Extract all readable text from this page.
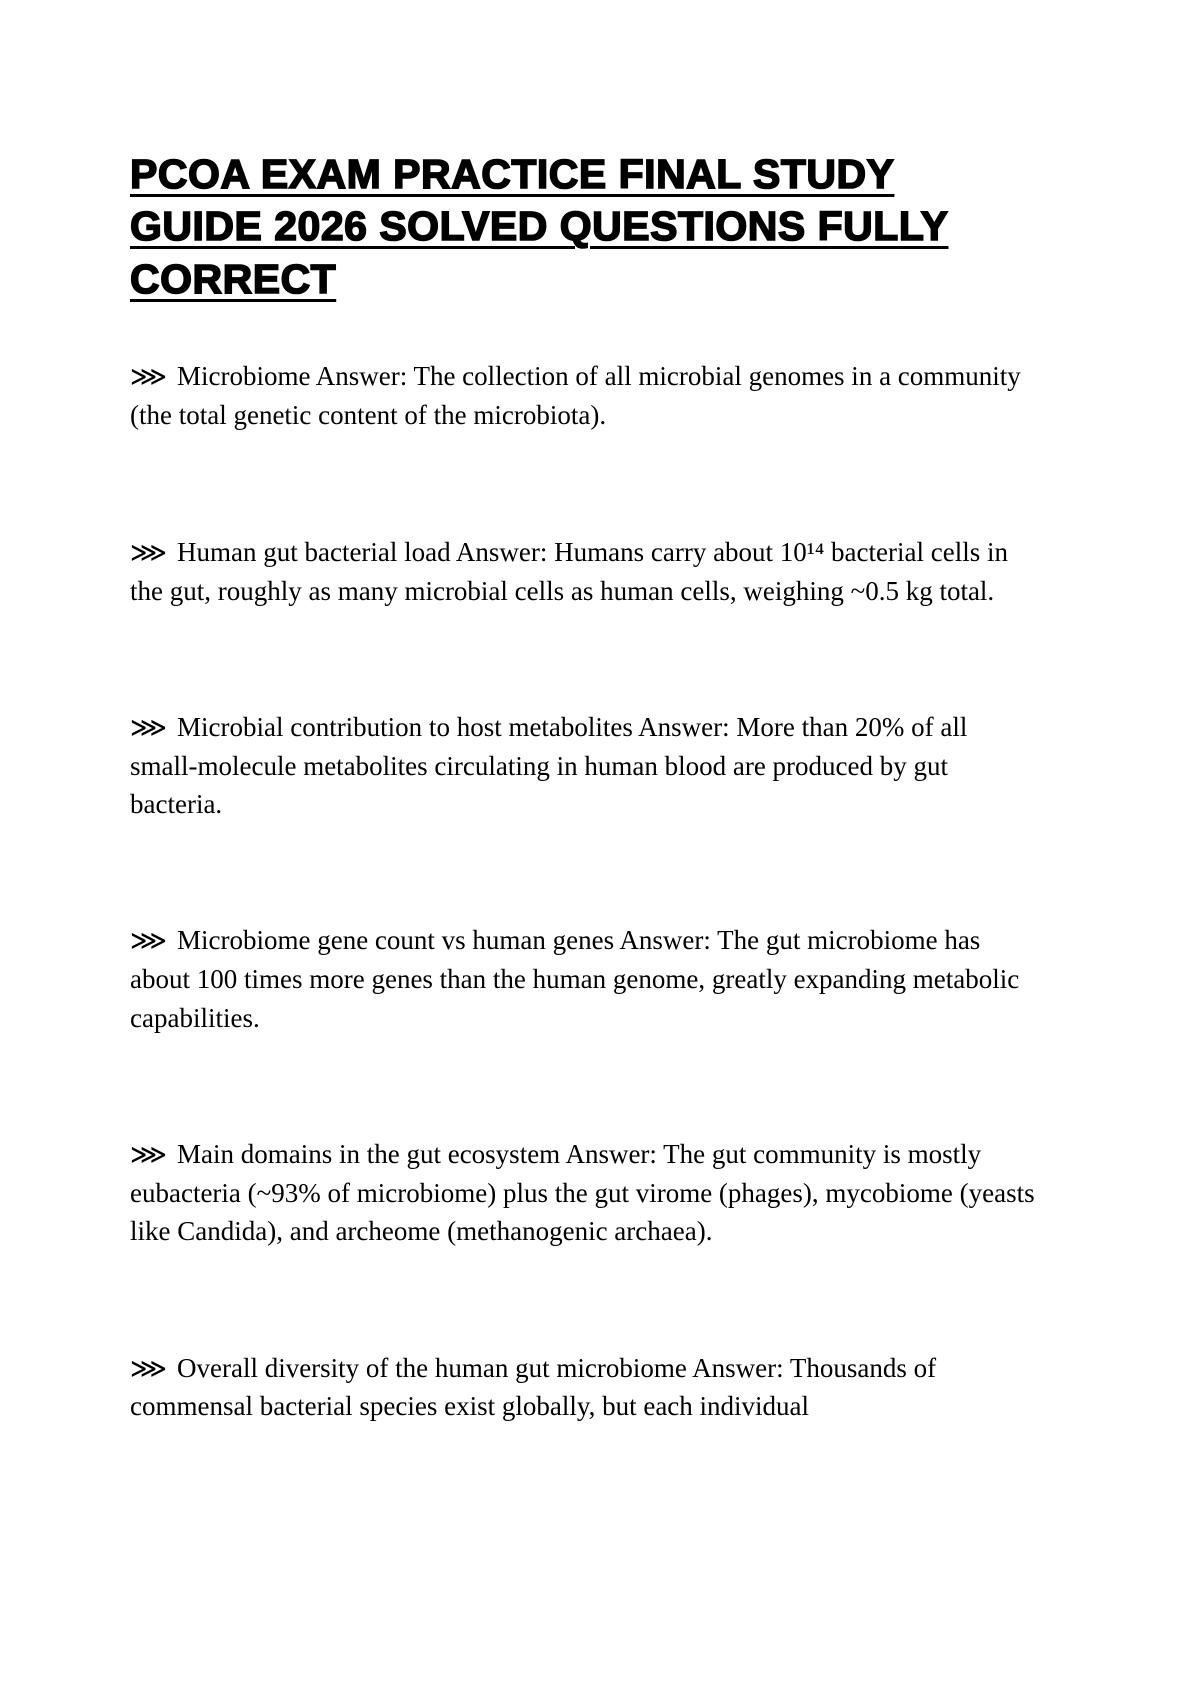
PCOA EXAM PRACTICE FINAL STUDY GUIDE 2026 SOLVED QUESTIONS FULLY CORRECT

⋙ Microbiome Answer: The collection of all microbial genomes in a community (the total genetic content of the microbiota).

⋙ Human gut bacterial load Answer: Humans carry about 10¹⁴ bacterial cells in the gut, roughly as many microbial cells as human cells, weighing ~0.5 kg total.

⋙ Microbial contribution to host metabolites Answer: More than 20% of all small-molecule metabolites circulating in human blood are produced by gut bacteria.

⋙ Microbiome gene count vs human genes Answer: The gut microbiome has about 100 times more genes than the human genome, greatly expanding metabolic capabilities.

⋙ Main domains in the gut ecosystem Answer: The gut community is mostly eubacteria (~93% of microbiome) plus the gut virome (phages), mycobiome (yeasts like Candida), and archeome (methanogenic archaea).

⋙ Overall diversity of the human gut microbiome Answer: Thousands of commensal bacterial species exist globally, but each individual
